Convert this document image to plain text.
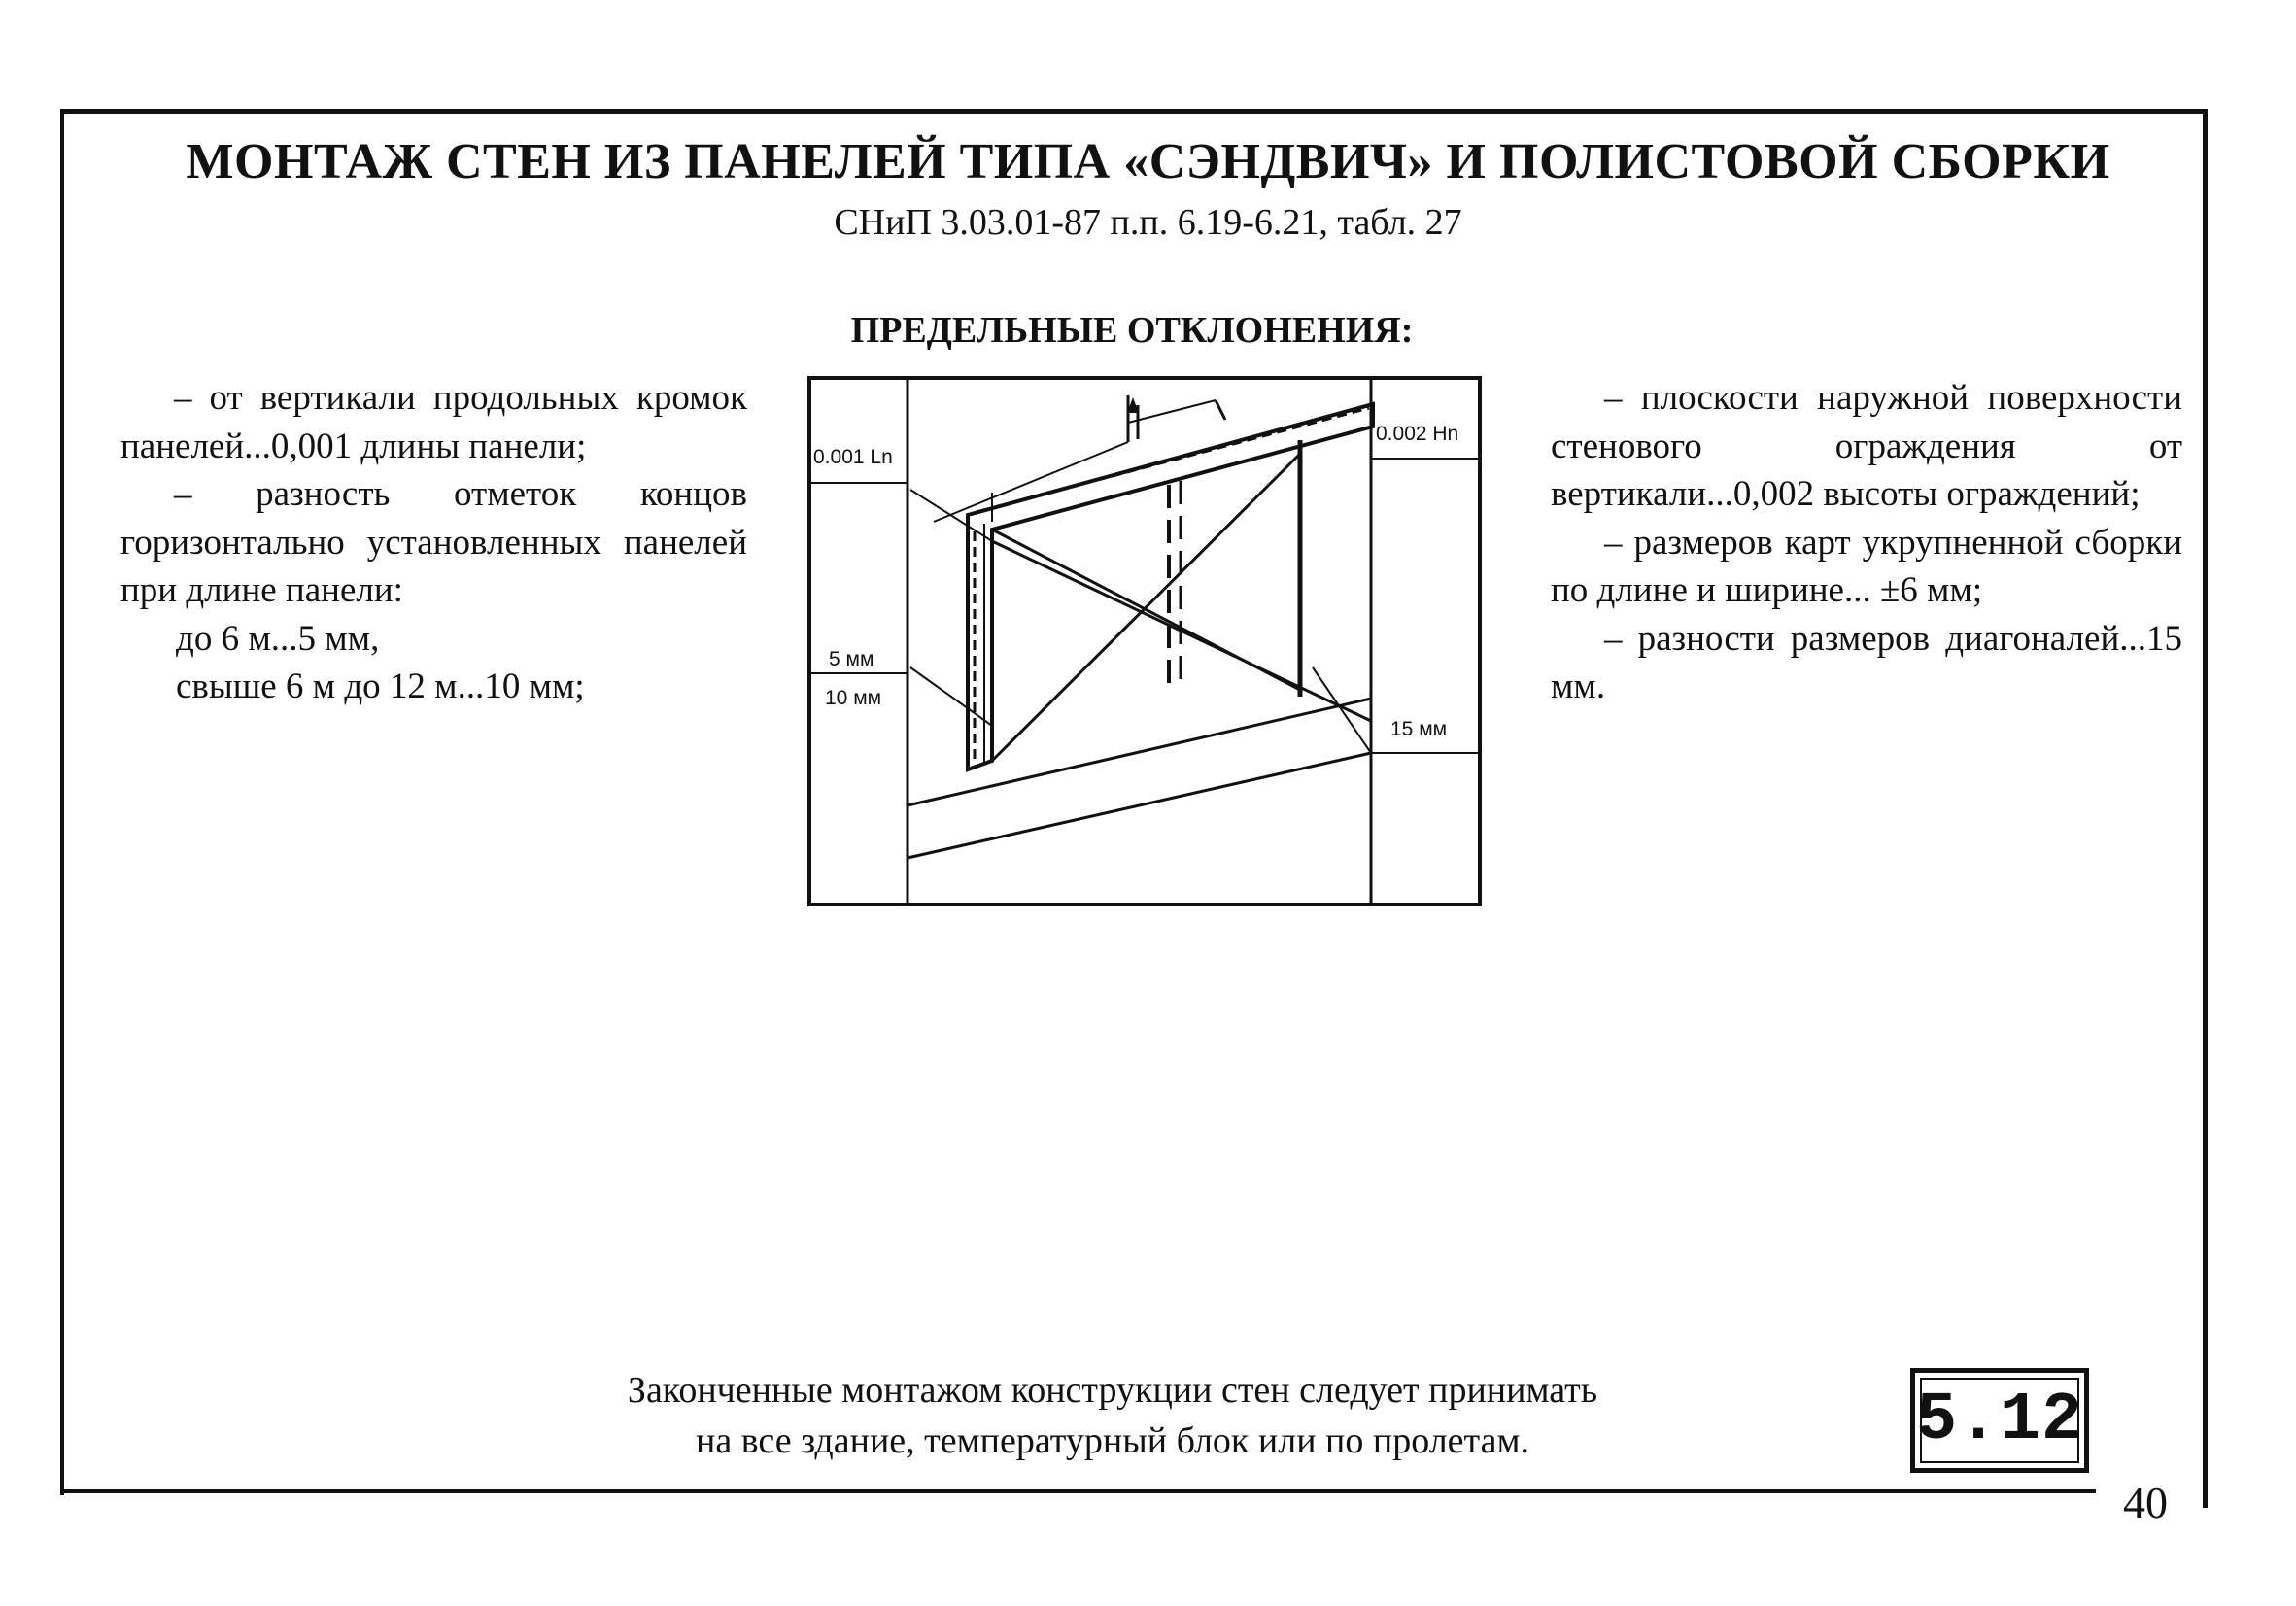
МОНТАЖ СТЕН ИЗ ПАНЕЛЕЙ ТИПА «СЭНДВИЧ» И ПОЛИСТОВОЙ СБОРКИ

СНиП 3.03.01-87 п.п. 6.19-6.21, табл. 27

ПРЕДЕЛЬНЫЕ ОТКЛОНЕНИЯ:

– от вертикали продольных кромок панелей...0,001 длины панели;

– разность отметок концов горизонтально установленных панелей при длине панели:

до 6 м...5 мм,

свыше 6 м до 12 м...10 мм;

0.001 Ln
0.002 Hn
5 мм
10 мм
15 мм

– плоскости наружной поверхности стенового ограждения от вертикали...0,002 высоты ограждений;

– размеров карт укрупненной сборки по длине и ширине... ±6 мм;

– разности размеров диагоналей...15 мм.

Законченные монтажом конструкции стен следует принимать
на все здание, температурный блок или по пролетам.	5.12

40
